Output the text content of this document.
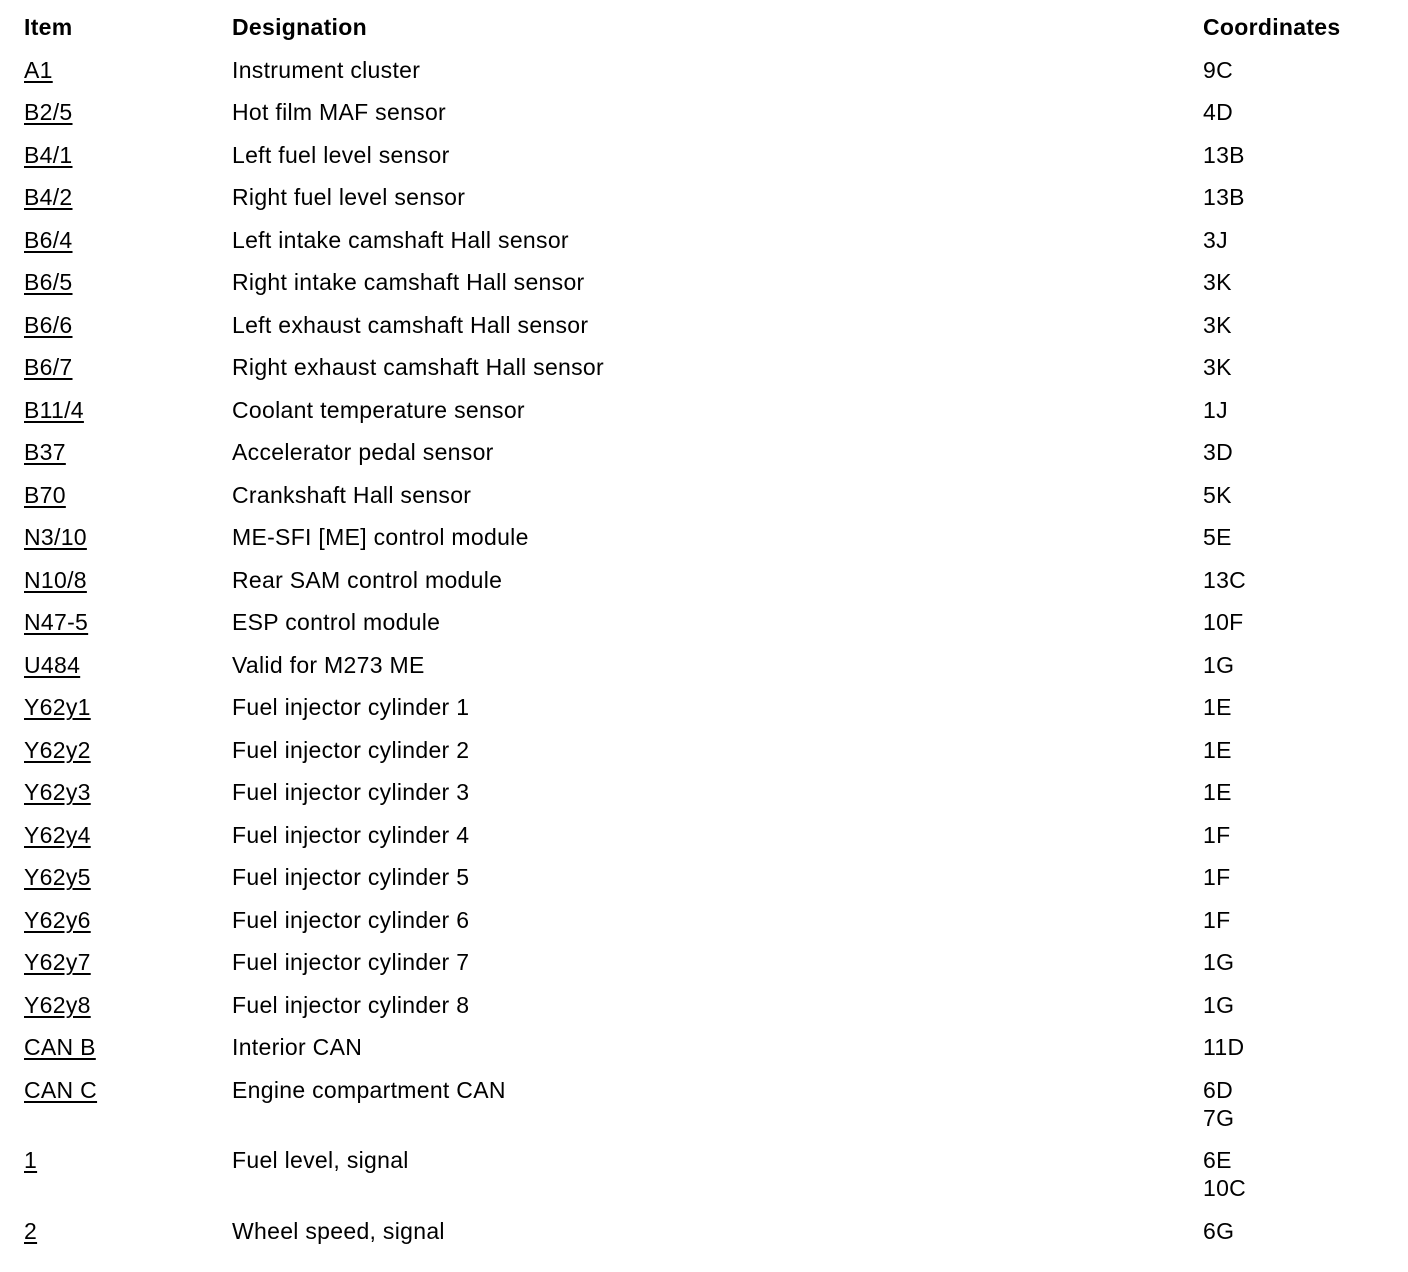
Item	Designation	Coordinates
A1	Instrument cluster	9C
B2/5	Hot film MAF sensor	4D
B4/1	Left fuel level sensor	13B
B4/2	Right fuel level sensor	13B
B6/4	Left intake camshaft Hall sensor	3J
B6/5	Right intake camshaft Hall sensor	3K
B6/6	Left exhaust camshaft Hall sensor	3K
B6/7	Right exhaust camshaft Hall sensor	3K
B11/4	Coolant temperature sensor	1J
B37	Accelerator pedal sensor	3D
B70	Crankshaft Hall sensor	5K
N3/10	ME-SFI [ME] control module	5E
N10/8	Rear SAM control module	13C
N47-5	ESP control module	10F
U484	Valid for M273 ME	1G
Y62y1	Fuel injector cylinder 1	1E
Y62y2	Fuel injector cylinder 2	1E
Y62y3	Fuel injector cylinder 3	1E
Y62y4	Fuel injector cylinder 4	1F
Y62y5	Fuel injector cylinder 5	1F
Y62y6	Fuel injector cylinder 6	1F
Y62y7	Fuel injector cylinder 7	1G
Y62y8	Fuel injector cylinder 8	1G
CAN B	Interior CAN	11D
CAN C	Engine compartment CAN	6D
7G
1	Fuel level, signal	6E
10C
2	Wheel speed, signal	6G
